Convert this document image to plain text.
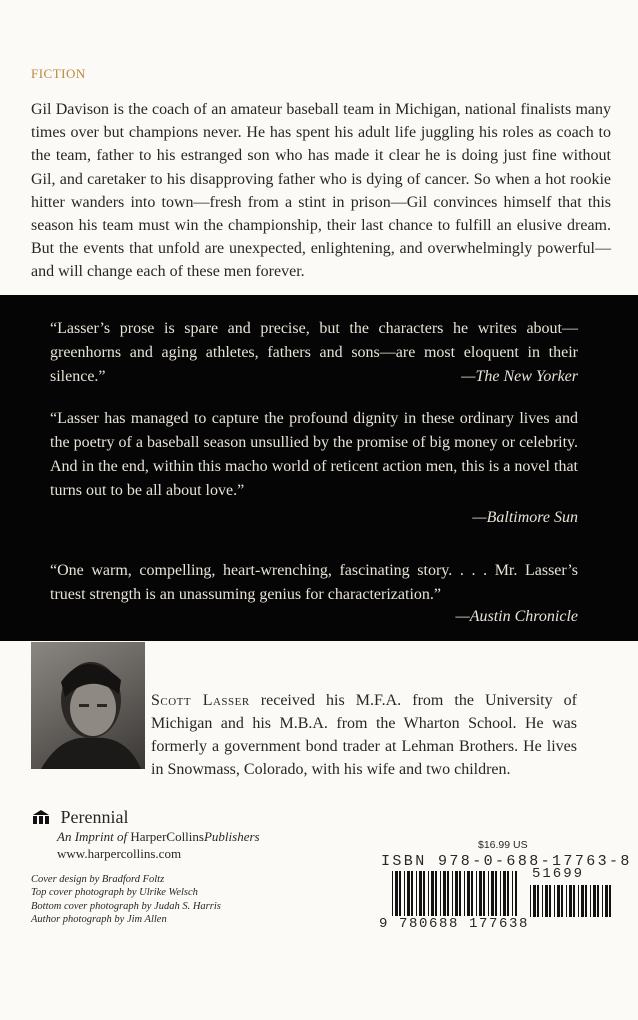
FICTION
Gil Davison is the coach of an amateur baseball team in Michigan, national finalists many times over but champions never. He has spent his adult life juggling his roles as coach to the team, father to his estranged son who has made it clear he is doing just fine without Gil, and caretaker to his disapproving father who is dying of cancer. So when a hot rookie hitter wanders into town—fresh from a stint in prison—Gil convinces himself that this season his team must win the championship, their last chance to fulfill an elusive dream. But the events that unfold are unexpected, enlightening, and overwhelmingly powerful—and will change each of these men forever.
“Lasser’s prose is spare and precise, but the characters he writes about—greenhorns and aging athletes, fathers and sons—are most eloquent in their silence.”	—The New Yorker
“Lasser has managed to capture the profound dignity in these ordinary lives and the poetry of a baseball season unsullied by the promise of big money or celebrity. And in the end, within this macho world of reticent action men, this is a novel that turns out to be all about love.”
—Baltimore Sun
“One warm, compelling, heart-wrenching, fascinating story. . . . Mr. Lasser’s truest strength is an unassuming genius for characterization.”
—Austin Chronicle
Scott Lasser received his M.F.A. from the University of Michigan and his M.B.A. from the Wharton School. He was formerly a government bond trader at Lehman Brothers. He lives in Snowmass, Colorado, with his wife and two children.
Perennial
An Imprint of HarperCollinsPublishers
www.harpercollins.com
Cover design by Bradford Foltz
Top cover photograph by Ulrike Welsch
Bottom cover photograph by Judah S. Harris
Author photograph by Jim Allen
$16.99 US
ISBN 978-0-688-17763-8
51699
9 780688 177638
